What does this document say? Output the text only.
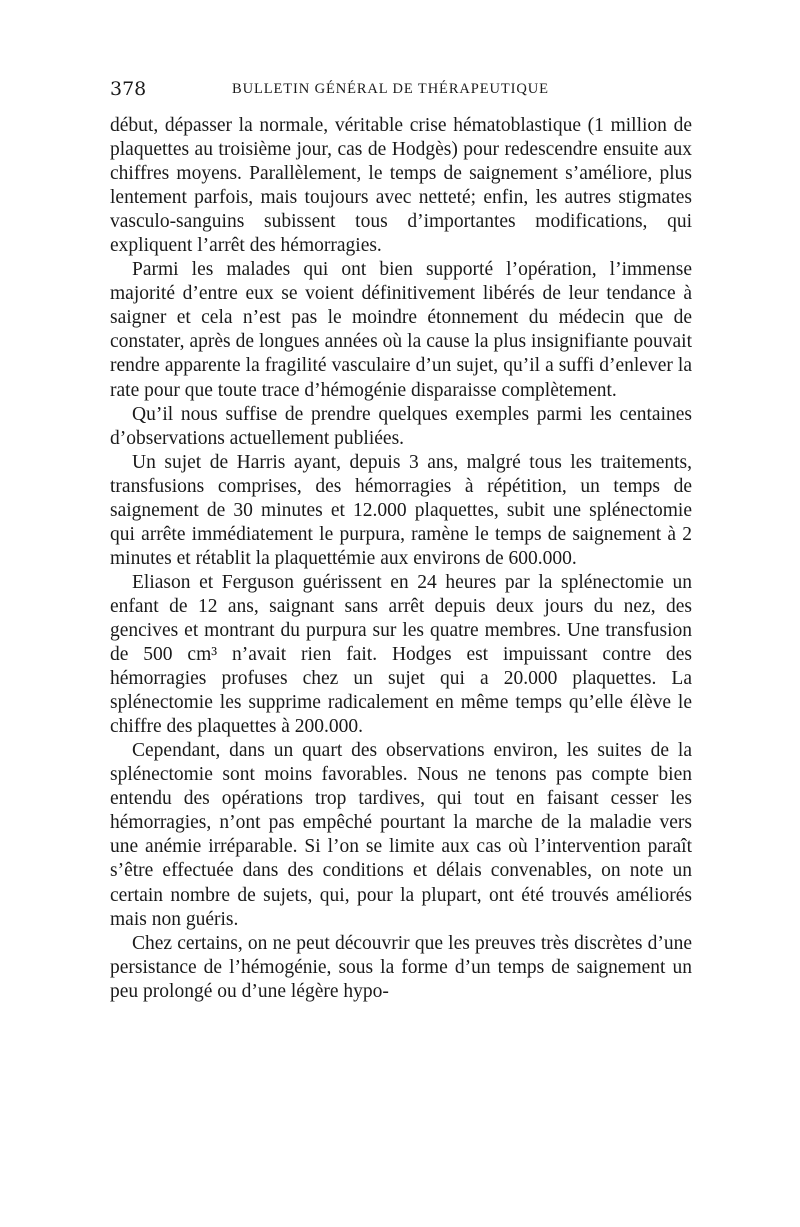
378	BULLETIN GÉNÉRAL DE THÉRAPEUTIQUE

début, dépasser la normale, véritable crise hématoblastique (1 million de plaquettes au troisième jour, cas de Hodgès) pour redescendre ensuite aux chiffres moyens. Parallèlement, le temps de saignement s’améliore, plus lentement parfois, mais toujours avec netteté; enfin, les autres stigmates vasculo-sanguins subissent tous d’importantes modifications, qui expliquent l’arrêt des hémorragies.

Parmi les malades qui ont bien supporté l’opération, l’immense majorité d’entre eux se voient définitivement libérés de leur tendance à saigner et cela n’est pas le moindre étonnement du médecin que de constater, après de longues années où la cause la plus insignifiante pouvait rendre apparente la fragilité vasculaire d’un sujet, qu’il a suffi d’enlever la rate pour que toute trace d’hémogénie disparaisse complètement.

Qu’il nous suffise de prendre quelques exemples parmi les centaines d’observations actuellement publiées.

Un sujet de Harris ayant, depuis 3 ans, malgré tous les traitements, transfusions comprises, des hémorragies à répétition, un temps de saignement de 30 minutes et 12.000 plaquettes, subit une splénectomie qui arrête immédiatement le purpura, ramène le temps de saignement à 2 minutes et rétablit la plaquettémie aux environs de 600.000.

Eliason et Ferguson guérissent en 24 heures par la splénectomie un enfant de 12 ans, saignant sans arrêt depuis deux jours du nez, des gencives et montrant du purpura sur les quatre membres. Une transfusion de 500 cm³ n’avait rien fait. Hodges est impuissant contre des hémorragies profuses chez un sujet qui a 20.000 plaquettes. La splénectomie les supprime radicalement en même temps qu’elle élève le chiffre des plaquettes à 200.000.

Cependant, dans un quart des observations environ, les suites de la splénectomie sont moins favorables. Nous ne tenons pas compte bien entendu des opérations trop tardives, qui tout en faisant cesser les hémorragies, n’ont pas empêché pourtant la marche de la maladie vers une anémie irréparable. Si l’on se limite aux cas où l’intervention paraît s’être effectuée dans des conditions et délais convenables, on note un certain nombre de sujets, qui, pour la plupart, ont été trouvés améliorés mais non guéris.

Chez certains, on ne peut découvrir que les preuves très discrètes d’une persistance de l’hémogénie, sous la forme d’un temps de saignement un peu prolongé ou d’une légère hypo-
